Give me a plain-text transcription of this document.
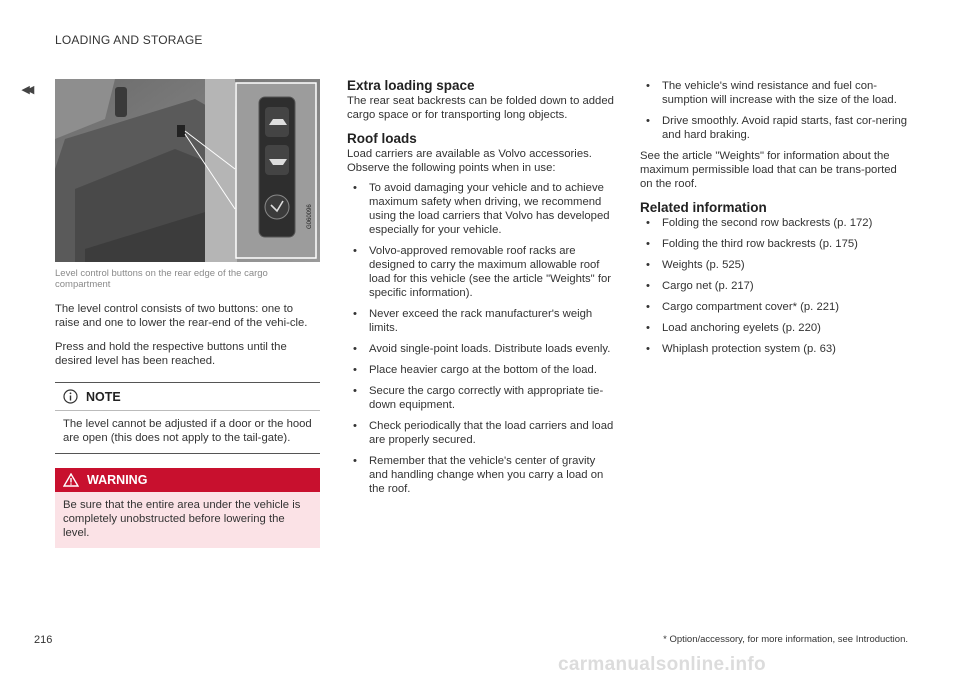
LOADING AND STORAGE
◂◂
G060096
Level control buttons on the rear edge of the cargo compartment

The level control consists of two buttons: one to raise and one to lower the rear-end of the vehi-cle.

Press and hold the respective buttons until the desired level has been reached.

NOTE
The level cannot be adjusted if a door or the hood are open (this does not apply to the tail-gate).
WARNING
Be sure that the entire area under the vehicle is completely unobstructed before lowering the level.
Extra loading space

The rear seat backrests can be folded down to added cargo space or for transporting long objects.

Roof loads

Load carriers are available as Volvo accessories. Observe the following points when in use:

• To avoid damaging your vehicle and to achieve maximum safety when driving, we recommend using the load carriers that Volvo has developed especially for your vehicle.
• Volvo-approved removable roof racks are designed to carry the maximum allowable roof load for this vehicle (see the article "Weights" for specific information).
• Never exceed the rack manufacturer's weigh limits.
• Avoid single-point loads. Distribute loads evenly.
• Place heavier cargo at the bottom of the load.
• Secure the cargo correctly with appropriate tie-down equipment.
• Check periodically that the load carriers and load are properly secured.
• Remember that the vehicle's center of gravity and handling change when you carry a load on the roof.
• The vehicle's wind resistance and fuel con-sumption will increase with the size of the load.
• Drive smoothly. Avoid rapid starts, fast cor-nering and hard braking.

See the article "Weights" for information about the maximum permissible load that can be trans-ported on the roof.

Related information
• Folding the second row backrests (p. 172)
• Folding the third row backrests (p. 175)
• Weights (p. 525)
• Cargo net (p. 217)
• Cargo compartment cover* (p. 221)
• Load anchoring eyelets (p. 220)
• Whiplash protection system (p. 63)
216	* Option/accessory, for more information, see Introduction.
carmanualsonline.info
